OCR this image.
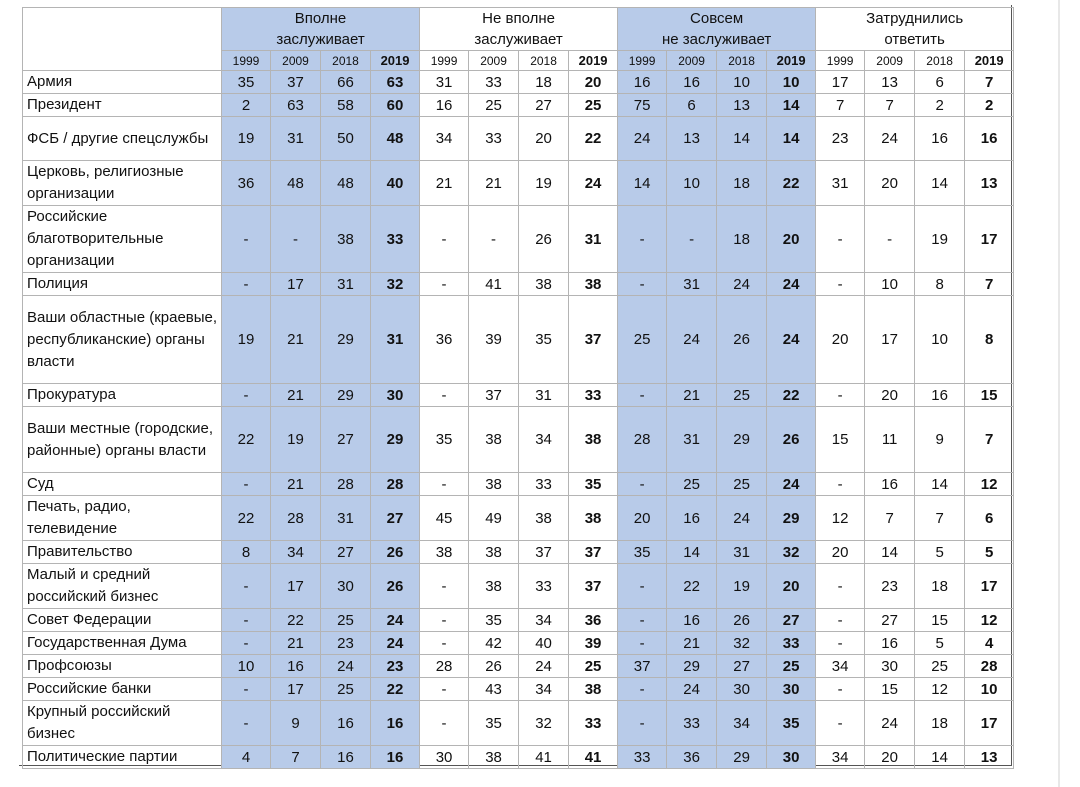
	Вполне
заслуживает				Не вполне
заслуживает				Совсем
не заслуживает				Затруднились
ответить			

	1999	2009	2018	2019	1999	2009	2018	2019	1999	2009	2018	2019	1999	2009	2018	2019
Армия	35	37	66	63	31	33	18	20	16	16	10	10	17	13	6	7
Президент	2	63	58	60	16	25	27	25	75	6	13	14	7	7	2	2
ФСБ / другие спецслужбы	19	31	50	48	34	33	20	22	24	13	14	14	23	24	16	16
Церковь, религиозные организации	36	48	48	40	21	21	19	24	14	10	18	22	31	20	14	13
Российские благотворительные организации	-	-	38	33	-	-	26	31	-	-	18	20	-	-	19	17
Полиция	-	17	31	32	-	41	38	38	-	31	24	24	-	10	8	7
Ваши областные (краевые, республиканские) органы власти	19	21	29	31	36	39	35	37	25	24	26	24	20	17	10	8
Прокуратура	-	21	29	30	-	37	31	33	-	21	25	22	-	20	16	15
Ваши местные (городские, районные) органы власти	22	19	27	29	35	38	34	38	28	31	29	26	15	11	9	7
Суд	-	21	28	28	-	38	33	35	-	25	25	24	-	16	14	12
Печать, радио, телевидение	22	28	31	27	45	49	38	38	20	16	24	29	12	7	7	6
Правительство	8	34	27	26	38	38	37	37	35	14	31	32	20	14	5	5
Малый и средний российский бизнес	-	17	30	26	-	38	33	37	-	22	19	20	-	23	18	17
Совет Федерации	-	22	25	24	-	35	34	36	-	16	26	27	-	27	15	12
Государственная Дума	-	21	23	24	-	42	40	39	-	21	32	33	-	16	5	4
Профсоюзы	10	16	24	23	28	26	24	25	37	29	27	25	34	30	25	28
Российские банки	-	17	25	22	-	43	34	38	-	24	30	30	-	15	12	10
Крупный российский бизнес	-	9	16	16	-	35	32	33	-	33	34	35	-	24	18	17
Политические партии	4	7	16	16	30	38	41	41	33	36	29	30	34	20	14	13
